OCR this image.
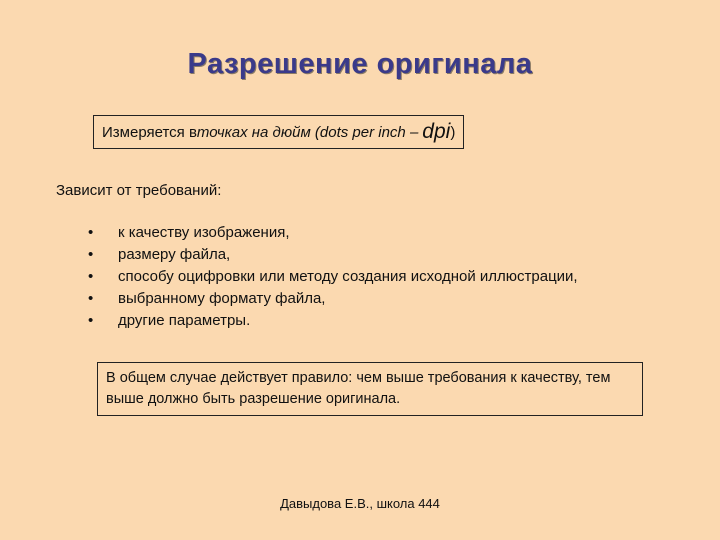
Разрешение оригинала
Измеряется в точках на дюйм (dots per inch – dpi )
Зависит от требований:
• к качеству изображения,
• размеру файла,
• способу оцифровки или методу создания исходной иллюстрации,
• выбранному формату файла,
• другие параметры.
В общем случае действует правило: чем выше требования к качеству, тем выше должно быть разрешение оригинала.
Давыдова Е.В., школа 444
